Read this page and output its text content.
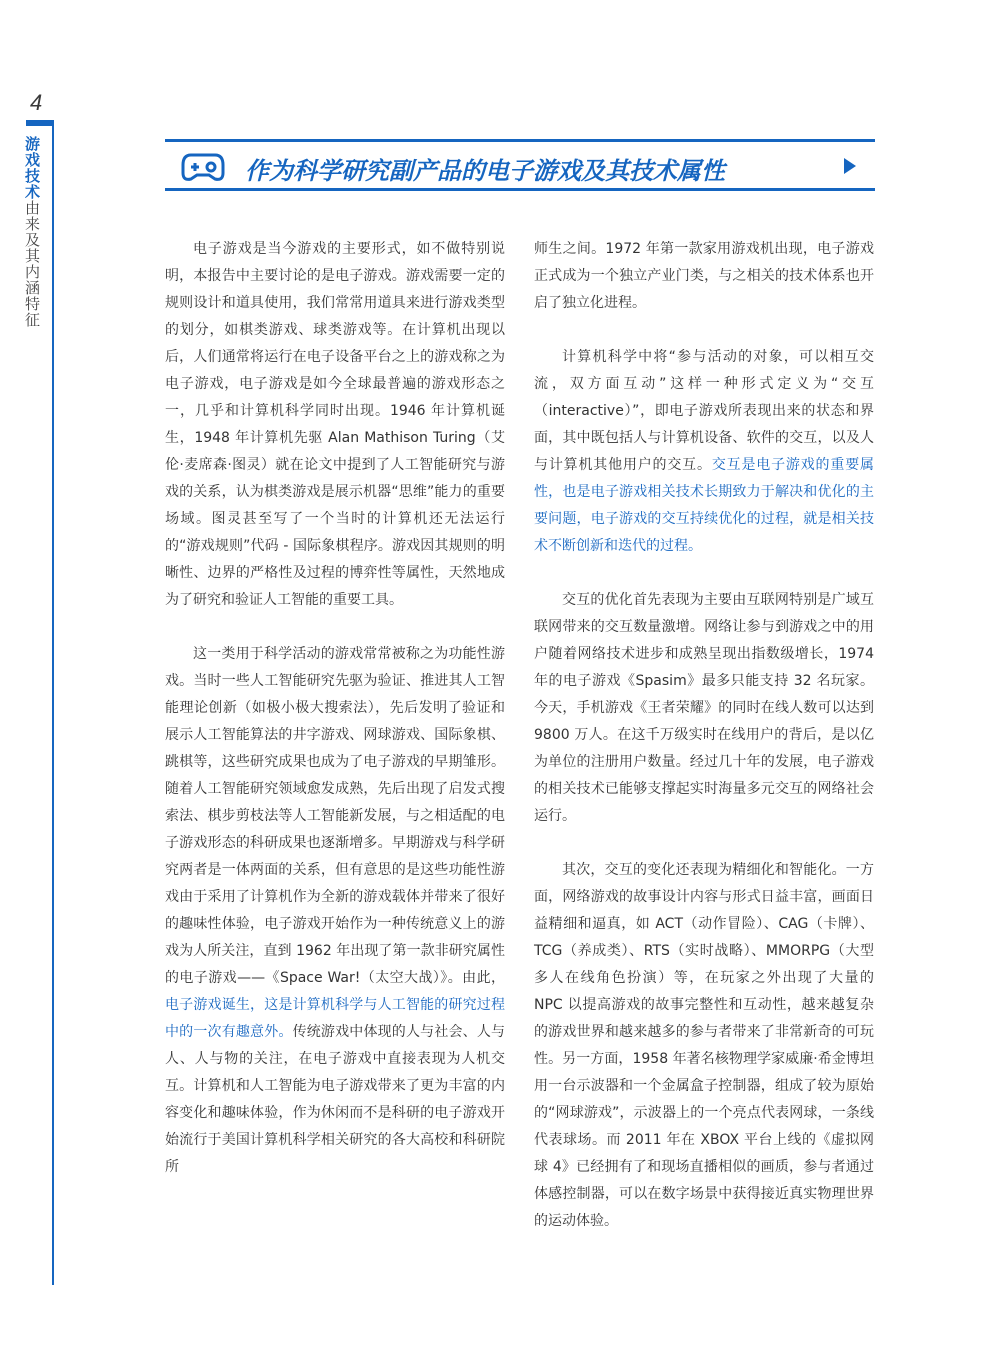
4
游戏技术由来及其内涵特征
作为科学研究副产品的电子游戏及其技术属性

电子游戏是当今游戏的主要形式，如不做特别说明，本报告中主要讨论的是电子游戏。游戏需要一定的规则设计和道具使用，我们常常用道具来进行游戏类型的划分，如棋类游戏、球类游戏等。在计算机出现以后，人们通常将运行在电子设备平台之上的游戏称之为电子游戏，电子游戏是如今全球最普遍的游戏形态之一，几乎和计算机科学同时出现。1946 年计算机诞生，1948 年计算机先驱 Alan Mathison Turing（艾伦·麦席森·图灵）就在论文中提到了人工智能研究与游戏的关系，认为棋类游戏是展示机器“思维”能力的重要场域。图灵甚至写了一个当时的计算机还无法运行的“游戏规则”代码 - 国际象棋程序。游戏因其规则的明晰性、边界的严格性及过程的博弈性等属性，天然地成为了研究和验证人工智能的重要工具。

这一类用于科学活动的游戏常常被称之为功能性游戏。当时一些人工智能研究先驱为验证、推进其人工智能理论创新（如极小极大搜索法），先后发明了验证和展示人工智能算法的井字游戏、网球游戏、国际象棋、跳棋等，这些研究成果也成为了电子游戏的早期雏形。随着人工智能研究领域愈发成熟，先后出现了启发式搜索法、棋步剪枝法等人工智能新发展，与之相适配的电子游戏形态的科研成果也逐渐增多。早期游戏与科学研究两者是一体两面的关系，但有意思的是这些功能性游戏由于采用了计算机作为全新的游戏载体并带来了很好的趣味性体验，电子游戏开始作为一种传统意义上的游戏为人所关注，直到 1962 年出现了第一款非研究属性的电子游戏——《Space War!（太空大战）》。由此，电子游戏诞生，这是计算机科学与人工智能的研究过程中的一次有趣意外。传统游戏中体现的人与社会、人与人、人与物的关注，在电子游戏中直接表现为人机交互。计算机和人工智能为电子游戏带来了更为丰富的内容变化和趣味体验，作为休闲而不是科研的电子游戏开始流行于美国计算机科学相关研究的各大高校和科研院所

师生之间。1972 年第一款家用游戏机出现，电子游戏正式成为一个独立产业门类，与之相关的技术体系也开启了独立化进程。

计算机科学中将“参与活动的对象，可以相互交流，双方面互动”这样一种形式定义为“交互（interactive）”，即电子游戏所表现出来的状态和界面，其中既包括人与计算机设备、软件的交互，以及人与计算机其他用户的交互。交互是电子游戏的重要属性，也是电子游戏相关技术长期致力于解决和优化的主要问题，电子游戏的交互持续优化的过程，就是相关技术不断创新和迭代的过程。

交互的优化首先表现为主要由互联网特别是广域互联网带来的交互数量激增。网络让参与到游戏之中的用户随着网络技术进步和成熟呈现出指数级增长，1974 年的电子游戏《Spasim》最多只能支持 32 名玩家。今天，手机游戏《王者荣耀》的同时在线人数可以达到 9800 万人。在这千万级实时在线用户的背后，是以亿为单位的注册用户数量。经过几十年的发展，电子游戏的相关技术已能够支撑起实时海量多元交互的网络社会运行。

其次，交互的变化还表现为精细化和智能化。一方面，网络游戏的故事设计内容与形式日益丰富，画面日益精细和逼真，如 ACT（动作冒险）、CAG（卡牌）、TCG（养成类）、RTS（实时战略）、MMORPG（大型多人在线角色扮演）等，在玩家之外出现了大量的 NPC 以提高游戏的故事完整性和互动性，越来越复杂的游戏世界和越来越多的参与者带来了非常新奇的可玩性。另一方面，1958 年著名核物理学家威廉·希金博坦用一台示波器和一个金属盒子控制器，组成了较为原始的“网球游戏”，示波器上的一个亮点代表网球，一条线代表球场。而 2011 年在 XBOX 平台上线的《虚拟网球 4》已经拥有了和现场直播相似的画质，参与者通过体感控制器，可以在数字场景中获得接近真实物理世界的运动体验。
